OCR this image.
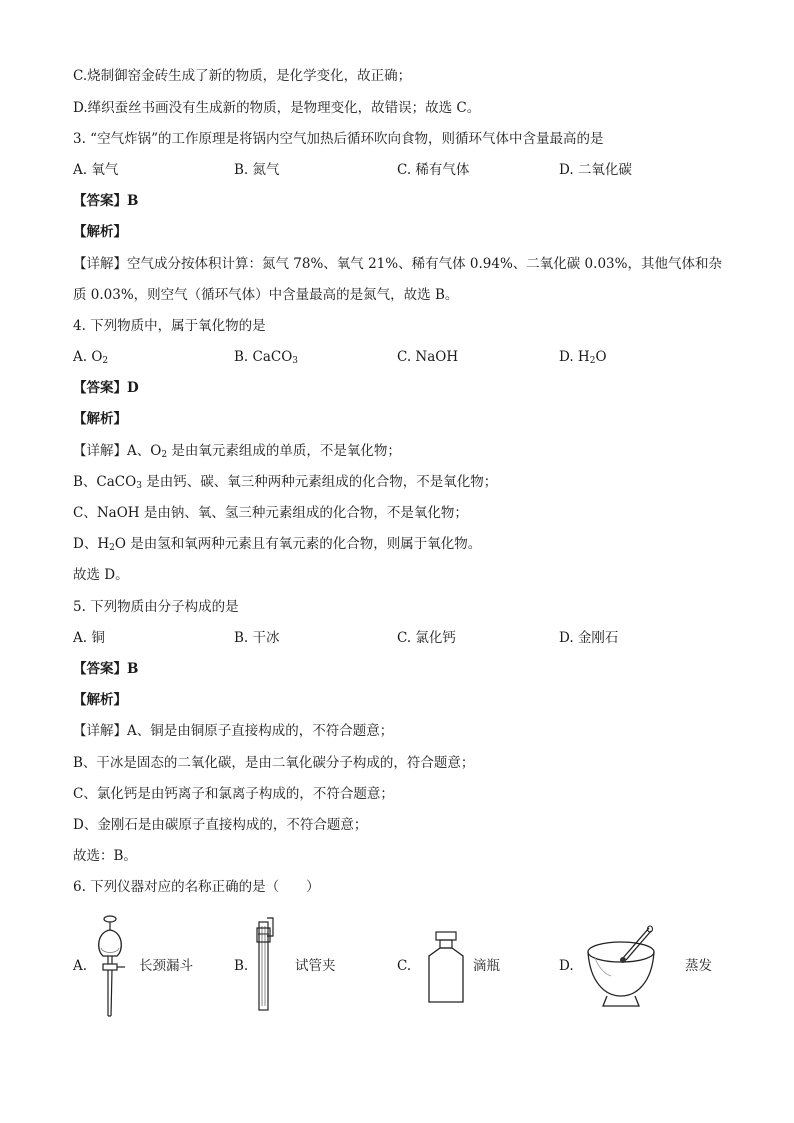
C.烧制御窑金砖生成了新的物质，是化学变化，故正确；
D.缂织蚕丝书画没有生成新的物质，是物理变化，故错误；故选 C。
3. “空气炸锅”的工作原理是将锅内空气加热后循环吹向食物，则循环气体中含量最高的是
A. 氧气	B. 氮气	C. 稀有气体	D. 二氧化碳
【答案】B
【解析】
【详解】空气成分按体积计算：氮气 78%、氧气 21%、稀有气体 0.94%、二氧化碳 0.03%，其他气体和杂
质 0.03%，则空气（循环气体）中含量最高的是氮气，故选 B。
4. 下列物质中，属于氧化物的是
A. $O_2$	B. CaCO$_3$	C. NaOH	D. $H_2O$
【答案】D
【解析】
【详解】A、$O_2$ 是由氧元素组成的单质，不是氧化物；
B、CaCO$_3$ 是由钙、碳、氧三种两种元素组成的化合物，不是氧化物；
C、NaOH 是由钠、氧、氢三种元素组成的化合物，不是氧化物；
D、$H_2O$ 是由氢和氧两种元素且有氧元素的化合物，则属于氧化物。
故选 D。
5. 下列物质由分子构成的是
A. 铜	B. 干冰	C. 氯化钙	D. 金刚石
【答案】B
【解析】
【详解】A、铜是由铜原子直接构成的，不符合题意；
B、干冰是固态的二氧化碳，是由二氧化碳分子构成的，符合题意；
C、氯化钙是由钙离子和氯离子构成的，不符合题意；
D、金刚石是由碳原子直接构成的，不符合题意；
故选：B。
6. 下列仪器对应的名称正确的是（　　）
A.	长颈漏斗	B.	试管夹	C.	滴瓶	D.	蒸发
